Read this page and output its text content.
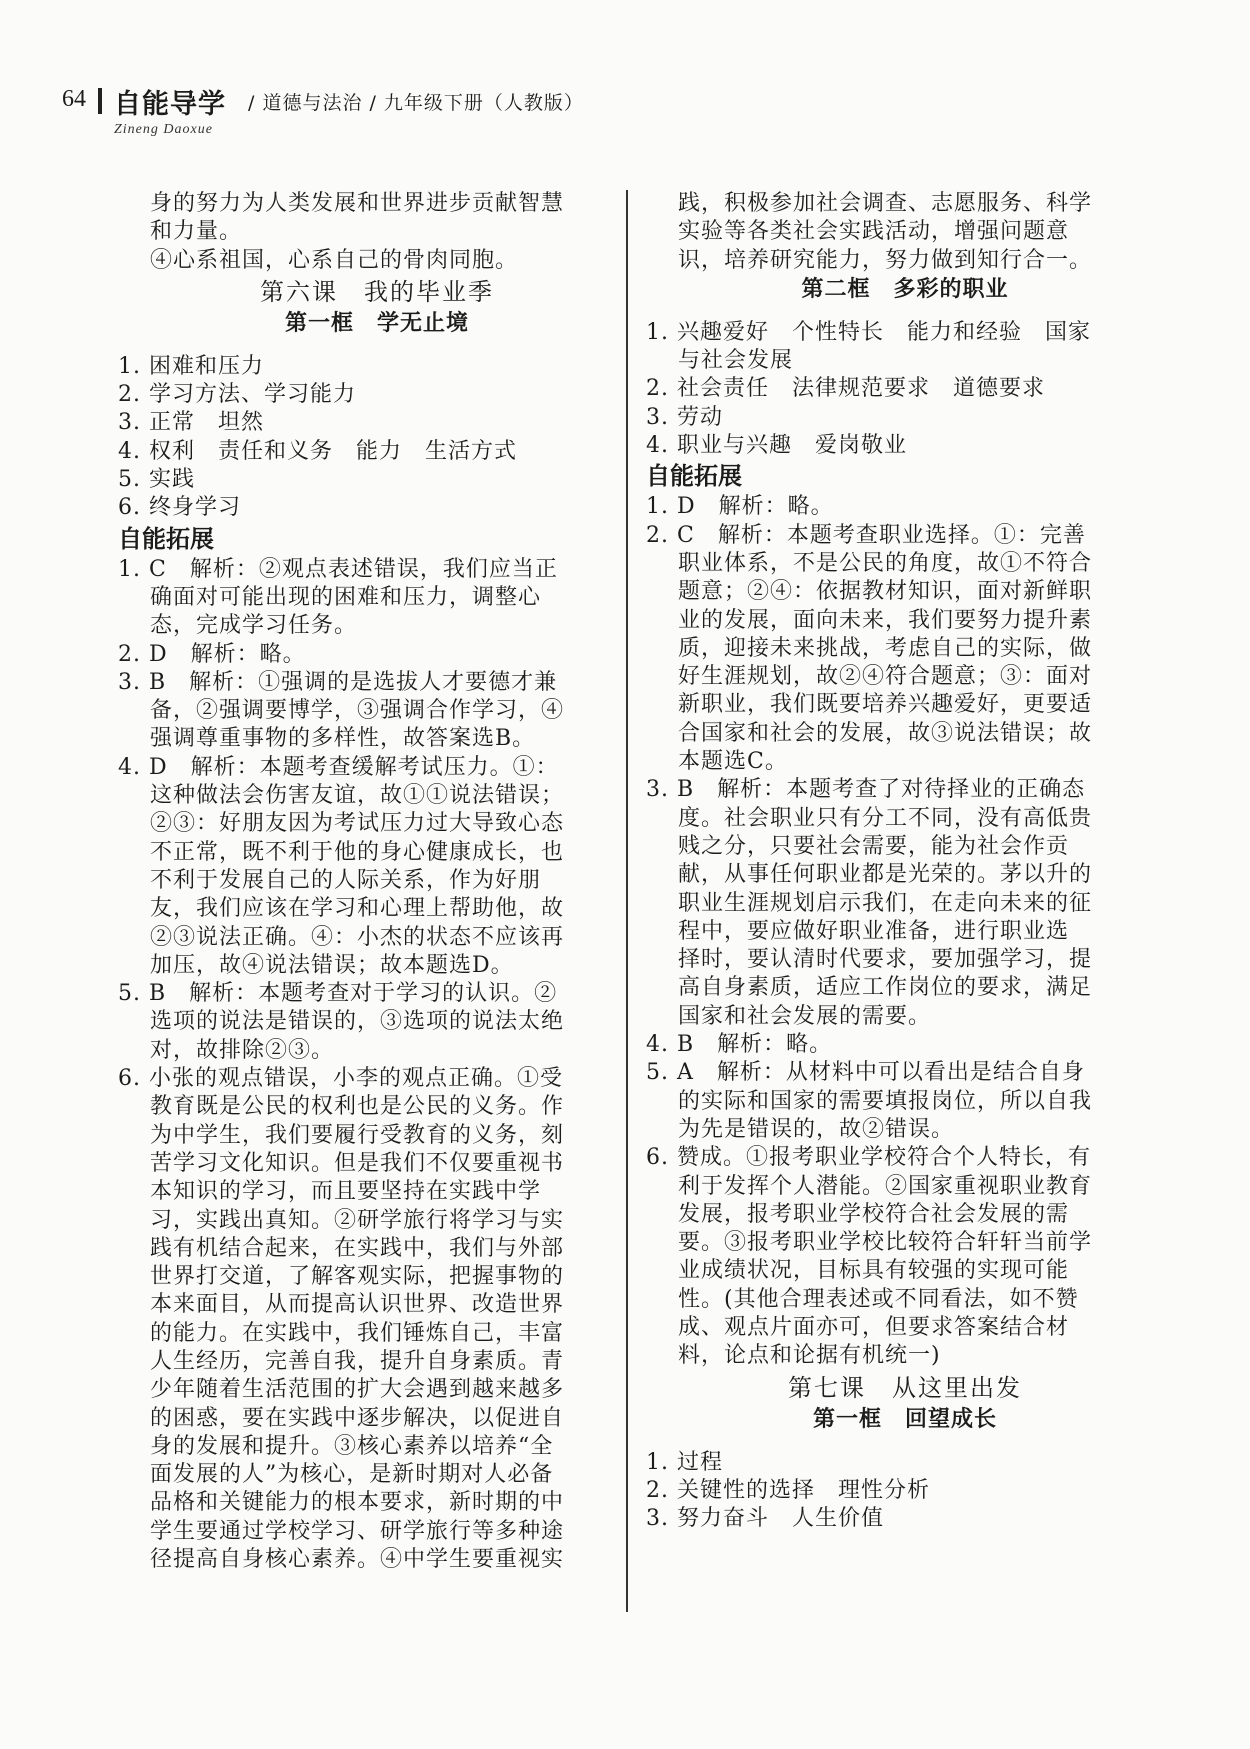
64 自能导学 / 道德与法治 / 九年级下册（人教版）
Zineng Daoxue
身的努力为人类发展和世界进步贡献智慧
和力量。
④心系祖国，心系自己的骨肉同胞。
第六课　我的毕业季
第一框　学无止境
1. 困难和压力
2. 学习方法、学习能力
3. 正常　坦然
4. 权利　责任和义务　能力　生活方式
5. 实践
6. 终身学习
自能拓展
1. C　解析：②观点表述错误，我们应当正
确面对可能出现的困难和压力，调整心
态，完成学习任务。
2. D　解析：略。
3. B　解析：①强调的是选拔人才要德才兼
备，②强调要博学，③强调合作学习，④
强调尊重事物的多样性，故答案选B。
4. D　解析：本题考查缓解考试压力。①：
这种做法会伤害友谊，故①①说法错误；
②③：好朋友因为考试压力过大导致心态
不正常，既不利于他的身心健康成长，也
不利于发展自己的人际关系，作为好朋
友，我们应该在学习和心理上帮助他，故
②③说法正确。④：小杰的状态不应该再
加压，故④说法错误；故本题选D。
5. B　解析：本题考查对于学习的认识。②
选项的说法是错误的，③选项的说法太绝
对，故排除②③。
6. 小张的观点错误，小李的观点正确。①受
教育既是公民的权利也是公民的义务。作
为中学生，我们要履行受教育的义务，刻
苦学习文化知识。但是我们不仅要重视书
本知识的学习，而且要坚持在实践中学
习，实践出真知。②研学旅行将学习与实
践有机结合起来，在实践中，我们与外部
世界打交道，了解客观实际，把握事物的
本来面目，从而提高认识世界、改造世界
的能力。在实践中，我们锤炼自己，丰富
人生经历，完善自我，提升自身素质。青
少年随着生活范围的扩大会遇到越来越多
的困惑，要在实践中逐步解决，以促进自
身的发展和提升。③核心素养以培养“全
面发展的人”为核心，是新时期对人必备
品格和关键能力的根本要求，新时期的中
学生要通过学校学习、研学旅行等多种途
径提高自身核心素养。④中学生要重视实
践，积极参加社会调查、志愿服务、科学
实验等各类社会实践活动，增强问题意
识，培养研究能力，努力做到知行合一。
第二框　多彩的职业
1. 兴趣爱好　个性特长　能力和经验　国家
与社会发展
2. 社会责任　法律规范要求　道德要求
3. 劳动
4. 职业与兴趣　爱岗敬业
自能拓展
1. D　解析：略。
2. C　解析：本题考查职业选择。①：完善
职业体系，不是公民的角度，故①不符合
题意；②④：依据教材知识，面对新鲜职
业的发展，面向未来，我们要努力提升素
质，迎接未来挑战，考虑自己的实际，做
好生涯规划，故②④符合题意；③：面对
新职业，我们既要培养兴趣爱好，更要适
合国家和社会的发展，故③说法错误；故
本题选C。
3. B　解析：本题考查了对待择业的正确态
度。社会职业只有分工不同，没有高低贵
贱之分，只要社会需要，能为社会作贡
献，从事任何职业都是光荣的。茅以升的
职业生涯规划启示我们，在走向未来的征
程中，要应做好职业准备，进行职业选
择时，要认清时代要求，要加强学习，提
高自身素质，适应工作岗位的要求，满足
国家和社会发展的需要。
4. B　解析：略。
5. A　解析：从材料中可以看出是结合自身
的实际和国家的需要填报岗位，所以自我
为先是错误的，故②错误。
6. 赞成。①报考职业学校符合个人特长，有
利于发挥个人潜能。②国家重视职业教育
发展，报考职业学校符合社会发展的需
要。③报考职业学校比较符合轩轩当前学
业成绩状况，目标具有较强的实现可能
性。(其他合理表述或不同看法，如不赞
成、观点片面亦可，但要求答案结合材
料，论点和论据有机统一)
第七课　从这里出发
第一框　回望成长
1. 过程
2. 关键性的选择　理性分析
3. 努力奋斗　人生价值
